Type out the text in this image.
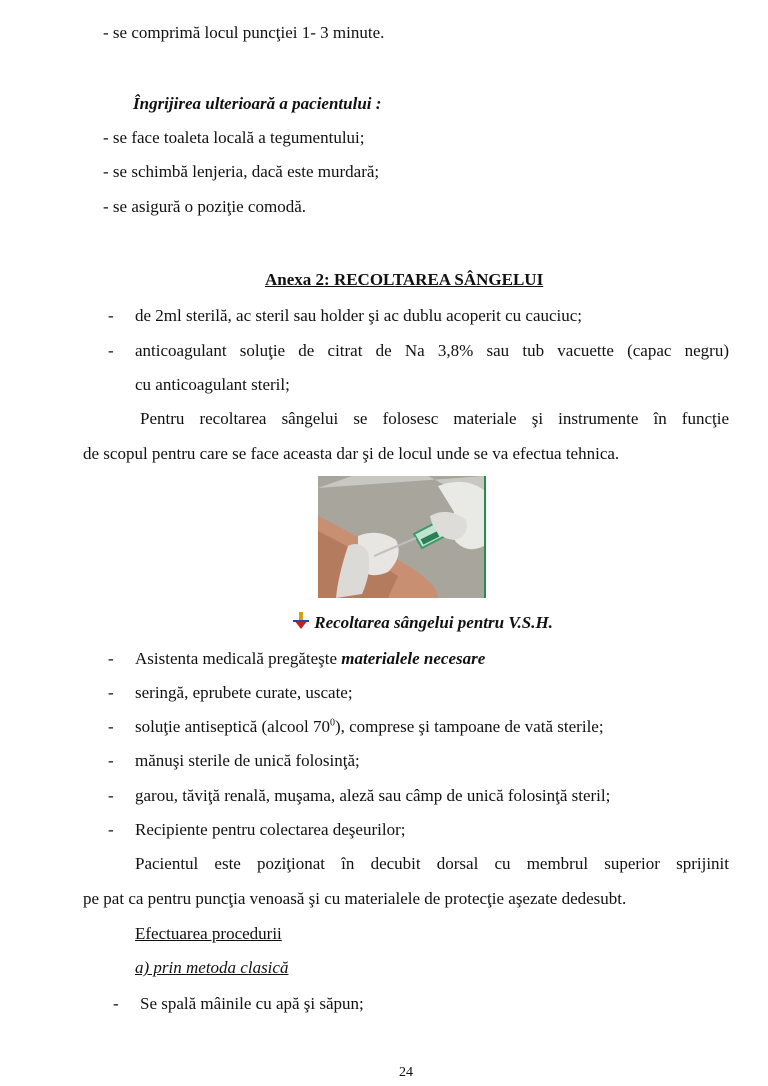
- se comprimă locul puncţiei 1- 3 minute.
Îngrijirea ulterioară a pacientului :
- se face toaleta locală a tegumentului;
- se schimbă lenjeria, dacă este murdară;
- se asigură o poziţie comodă.
Anexa 2: RECOLTAREA SÂNGELUI
- de 2ml sterilă, ac steril sau holder şi ac dublu acoperit cu cauciuc;
- anticoagulant soluţie de citrat de Na 3,8% sau tub vacuette (capac negru)
cu anticoagulant steril;
Pentru recoltarea sângelui se folosesc materiale şi instrumente în funcţie
de scopul pentru care se face aceasta dar şi de locul unde se va efectua tehnica.
Recoltarea sângelui pentru V.S.H.
- Asistenta medicală pregăteşte materialele necesare
- seringă, eprubete curate, uscate;
- soluţie antiseptică (alcool $70^0$), comprese şi tampoane de vată sterile;
- mănuşi sterile de unică folosinţă;
- garou, tăviţă renală, muşama, aleză sau câmp de unică folosinţă steril;
- Recipiente pentru colectarea deşeurilor;
Pacientul este poziţionat în decubit dorsal cu membrul superior sprijinit
pe pat ca pentru puncţia venoasă şi cu materialele de protecţie aşezate dedesubt.
Efectuarea procedurii
a) prin metoda clasică
- Se spală mâinile cu apă şi săpun;
24
